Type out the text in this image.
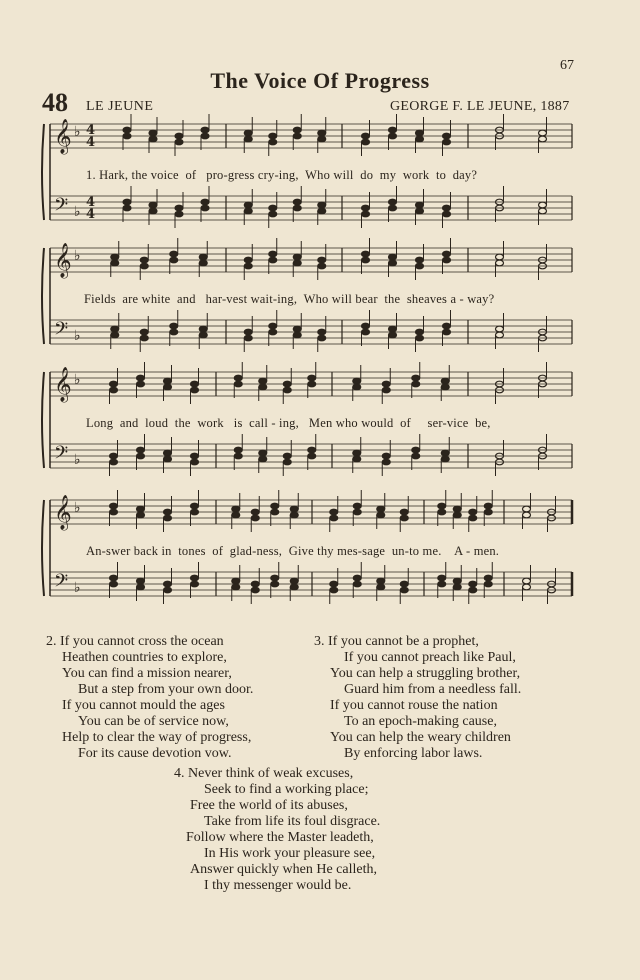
67
The Voice Of Progress
48 LE JEUNE	GEORGE F. LE JEUNE, 1887
𝄞 ♭
𝄢 ♭
4
4
4
4
𝄞 ♭
𝄢 ♭
𝄞 ♭
𝄢 ♭
𝄞 ♭
𝄢 ♭
1. Hark, the voice  of   pro-gress cry-ing,  Who will  do  my  work  to  day?
Fields  are white  and   har-vest wait-ing,  Who will bear  the  sheaves a - way?
Long  and  loud  the  work   is  call - ing,   Men who would  of     ser-vice  be,
An-swer back in  tones  of  glad-ness,  Give thy mes-sage  un-to me.    A - men.
2. If you cannot cross the ocean
Heathen countries to explore,
You can find a mission nearer,
But a step from your own door.
If you cannot mould the ages
You can be of service now,
Help to clear the way of progress,
For its cause devotion vow.
3. If you cannot be a prophet,
If you cannot preach like Paul,
You can help a struggling brother,
Guard him from a needless fall.
If you cannot rouse the nation
To an epoch-making cause,
You can help the weary children
By enforcing labor laws.
4. Never think of weak excuses,
Seek to find a working place;
Free the world of its abuses,
Take from life its foul disgrace.
Follow where the Master leadeth,
In His work your pleasure see,
Answer quickly when He calleth,
I thy messenger would be.
